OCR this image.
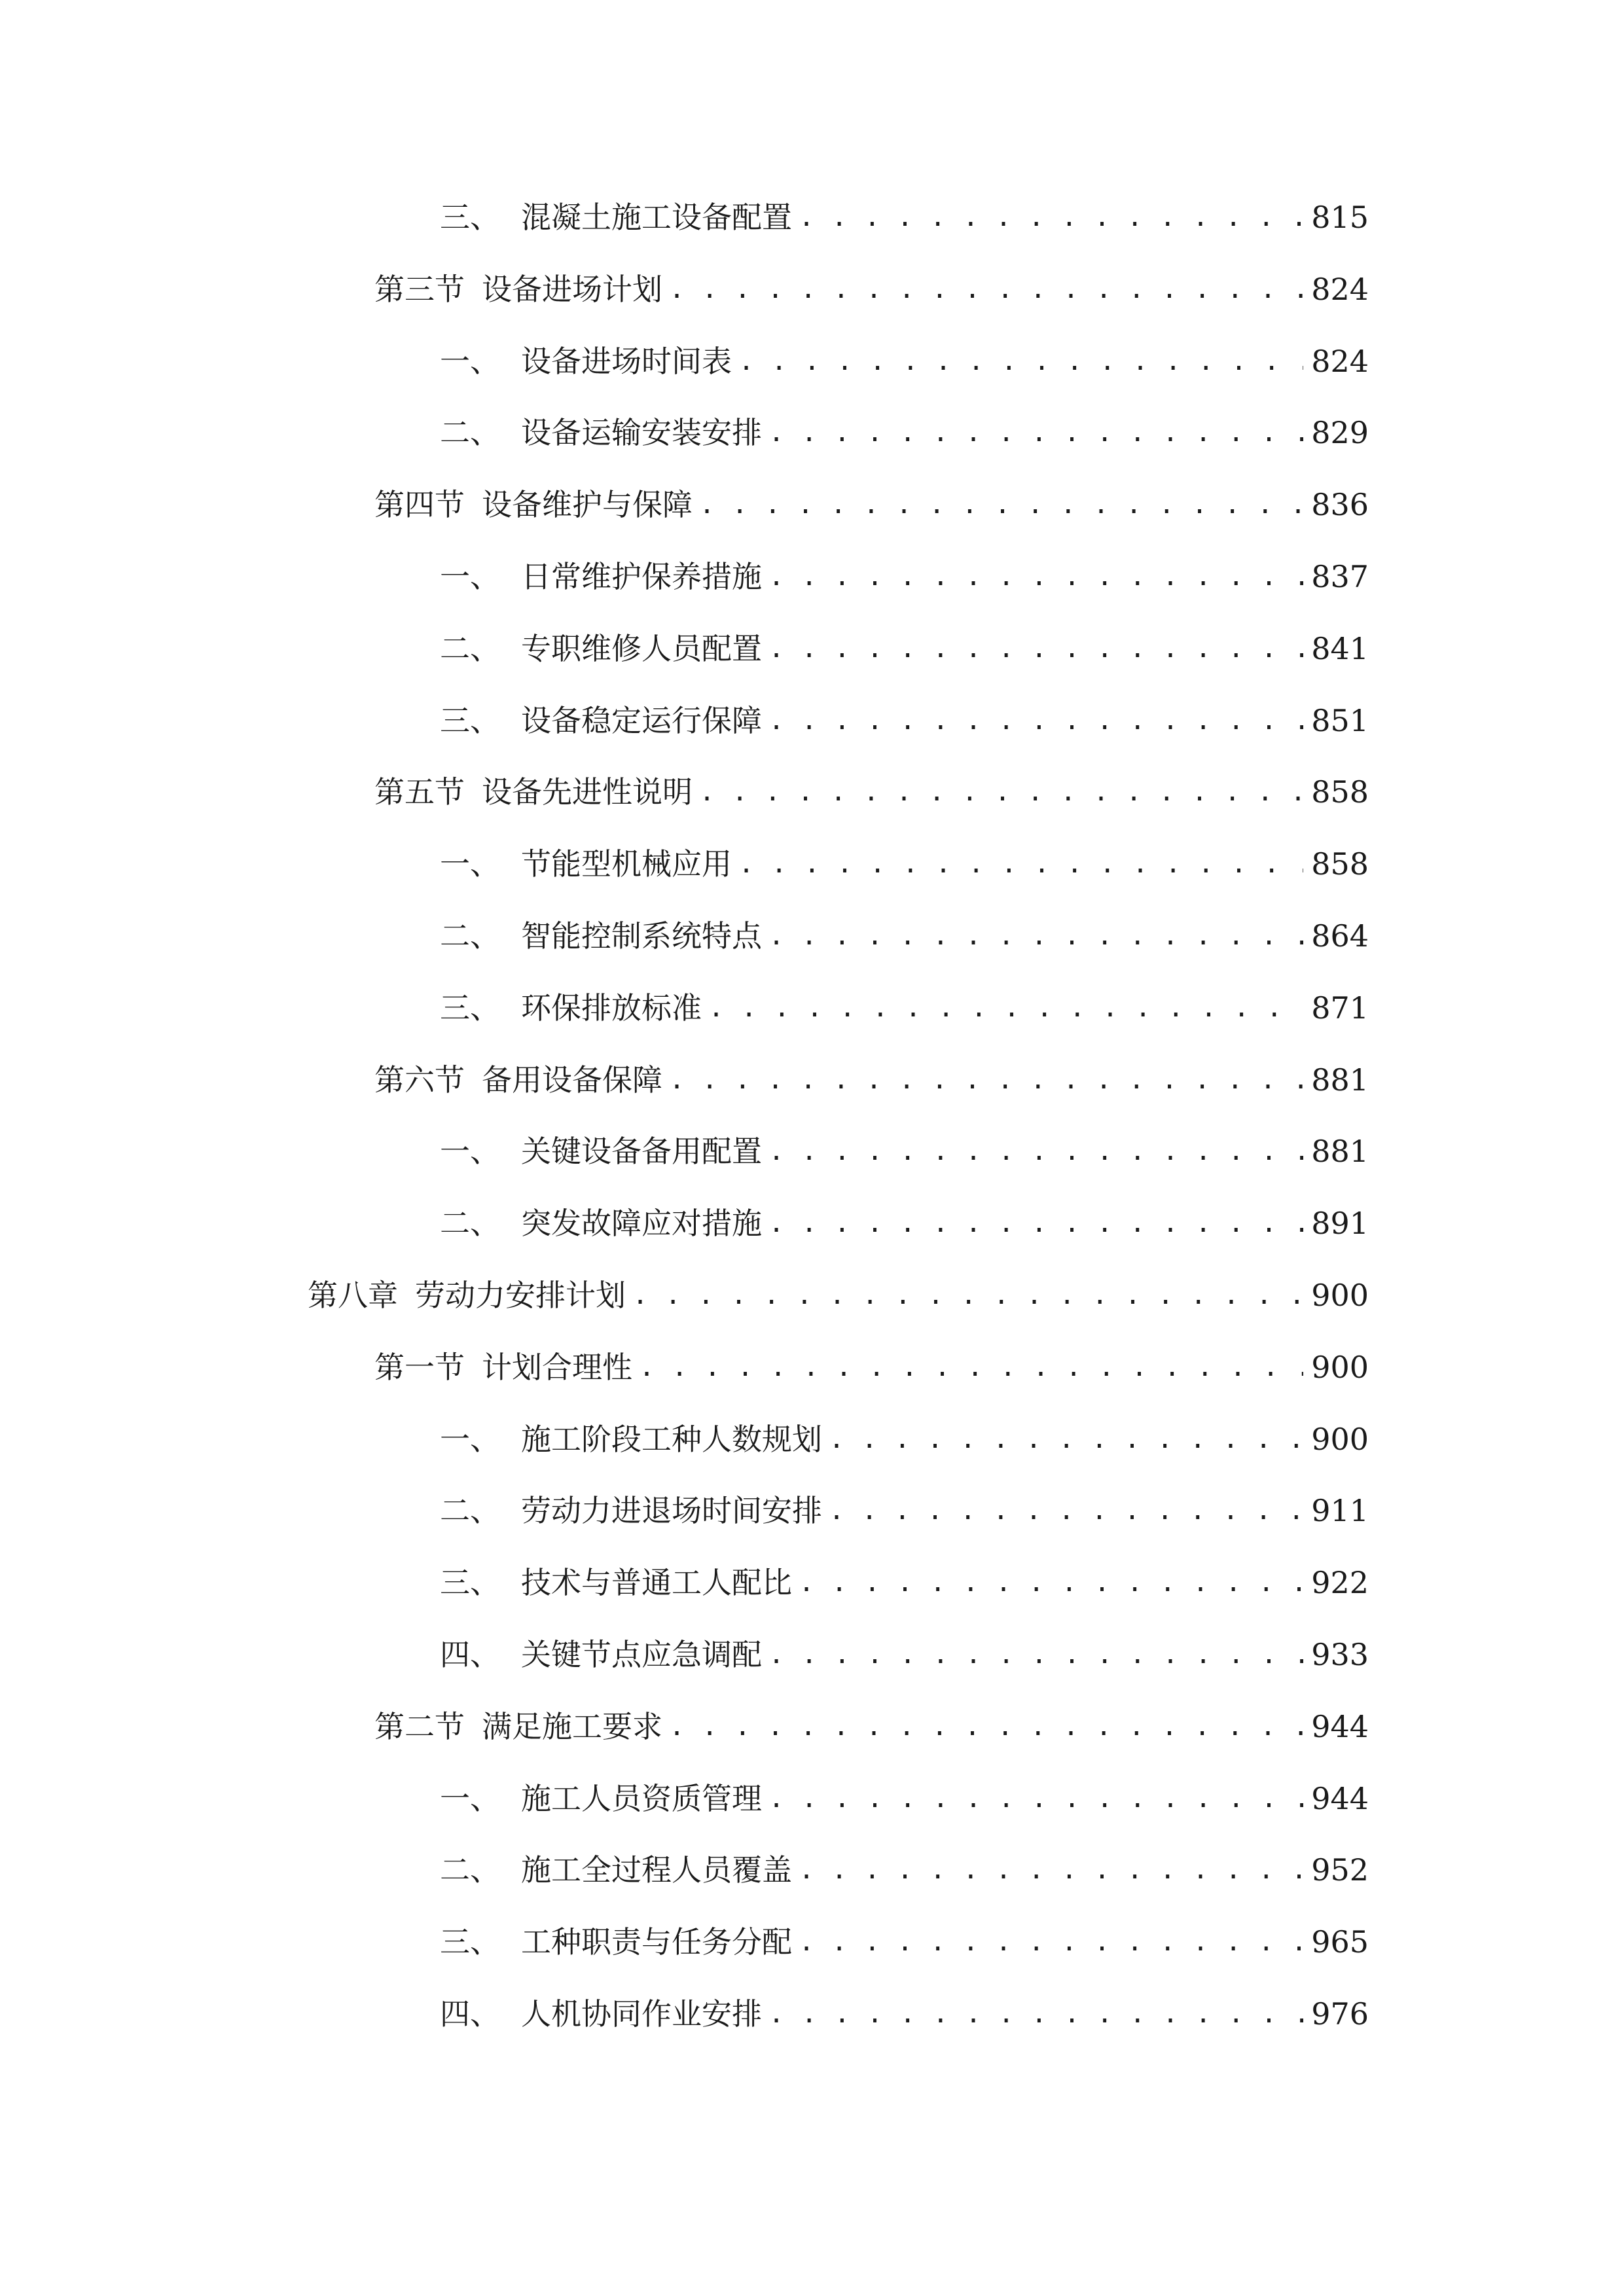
三、 混凝土施工设备配置 . . .	815
第三节 设备进场计划 . . .	824
一、 设备进场时间表 . . .	824
二、 设备运输安装安排 . . .	829
第四节 设备维护与保障 . . .	836
一、 日常维护保养措施 . . .	837
二、 专职维修人员配置 . . .	841
三、 设备稳定运行保障 . . .	851
第五节 设备先进性说明 . . .	858
一、 节能型机械应用 . . .	858
二、 智能控制系统特点 . . .	864
三、 环保排放标准 . . .	871
第六节 备用设备保障 . . .	881
一、 关键设备备用配置 . . .	881
二、 突发故障应对措施 . . .	891
第八章 劳动力安排计划 . . .	900
第一节 计划合理性 . . .	900
一、 施工阶段工种人数规划 . . .	900
二、 劳动力进退场时间安排 . . .	911
三、 技术与普通工人配比 . . .	922
四、 关键节点应急调配 . . .	933
第二节 满足施工要求 . . .	944
一、 施工人员资质管理 . . .	944
二、 施工全过程人员覆盖 . . .	952
三、 工种职责与任务分配 . . .	965
四、 人机协同作业安排 . . .	976
